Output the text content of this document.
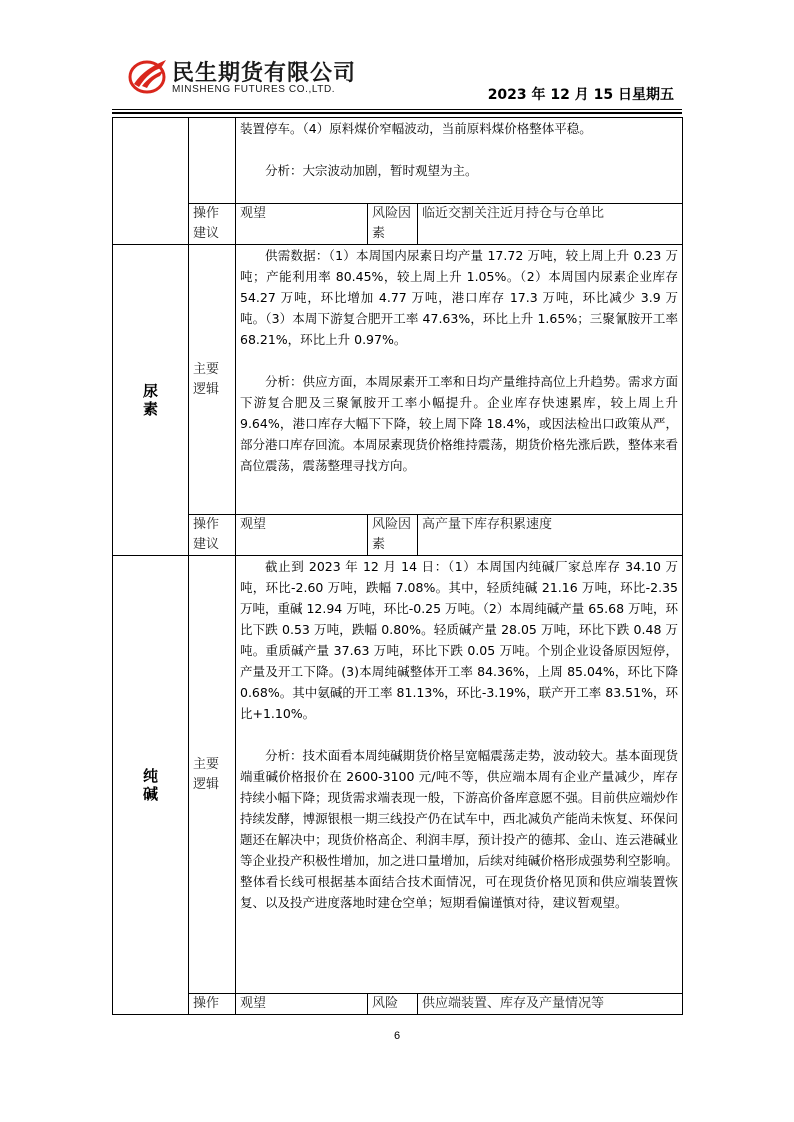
民生期货有限公司
MINSHENG FUTURES CO.,LTD.	2023 年 12 月 15 日星期五

		装置停车。（4）原料煤价窄幅波动，当前原料煤价格整体平稳。

分析：大宗波动加剧，暂时观望为主。		

	操作建议	观望	风险因素	临近交割关注近月持仓与仓单比
尿素	主要逻辑	供需数据：（1）本周国内尿素日均产量 17.72 万吨，较上周上升 0.23 万吨；产能利用率 80.45%，较上周上升 1.05%。（2）本周国内尿素企业库存 54.27 万吨，环比增加 4.77 万吨，港口库存 17.3 万吨，环比减少 3.9 万吨。（3）本周下游复合肥开工率 47.63%，环比上升 1.65%；三聚氰胺开工率 68.21%，环比上升 0.97%。

分析：供应方面，本周尿素开工率和日均产量维持高位上升趋势。需求方面下游复合肥及三聚氰胺开工率小幅提升。企业库存快速累库，较上周上升 9.64%，港口库存大幅下下降，较上周下降 18.4%，或因法检出口政策从严，部分港口库存回流。本周尿素现货价格维持震荡，期货价格先涨后跌，整体来看高位震荡，震荡整理寻找方向。		

	操作建议	观望	风险因素	高产量下库存积累速度
纯碱	主要逻辑	截止到 2023 年 12 月 14 日：（1）本周国内纯碱厂家总库存 34.10 万吨，环比-2.60 万吨，跌幅 7.08%。其中，轻质纯碱 21.16 万吨，环比-2.35 万吨，重碱 12.94 万吨，环比-0.25 万吨。（2）本周纯碱产量 65.68 万吨，环比下跌 0.53 万吨，跌幅 0.80%。轻质碱产量 28.05 万吨，环比下跌 0.48 万吨。重质碱产量 37.63 万吨，环比下跌 0.05 万吨。个别企业设备原因短停，产量及开工下降。(3)本周纯碱整体开工率 84.36%，上周 85.04%，环比下降 0.68%。其中氨碱的开工率 81.13%，环比-3.19%，联产开工率 83.51%，环比+1.10%。

分析：技术面看本周纯碱期货价格呈宽幅震荡走势，波动较大。基本面现货端重碱价格报价在 2600-3100 元/吨不等，供应端本周有企业产量减少，库存持续小幅下降；现货需求端表现一般，下游高价备库意愿不强。目前供应端炒作持续发酵，博源银根一期三线投产仍在试车中，西北减负产能尚未恢复、环保问题还在解决中；现货价格高企、利润丰厚，预计投产的德邦、金山、连云港碱业等企业投产积极性增加，加之进口量增加，后续对纯碱价格形成强势利空影响。整体看长线可根据基本面结合技术面情况，可在现货价格见顶和供应端装置恢复、以及投产进度落地时建仓空单；短期看偏谨慎对待，建议暂观望。		

	操作	观望	风险	供应端装置、库存及产量情况等
6
